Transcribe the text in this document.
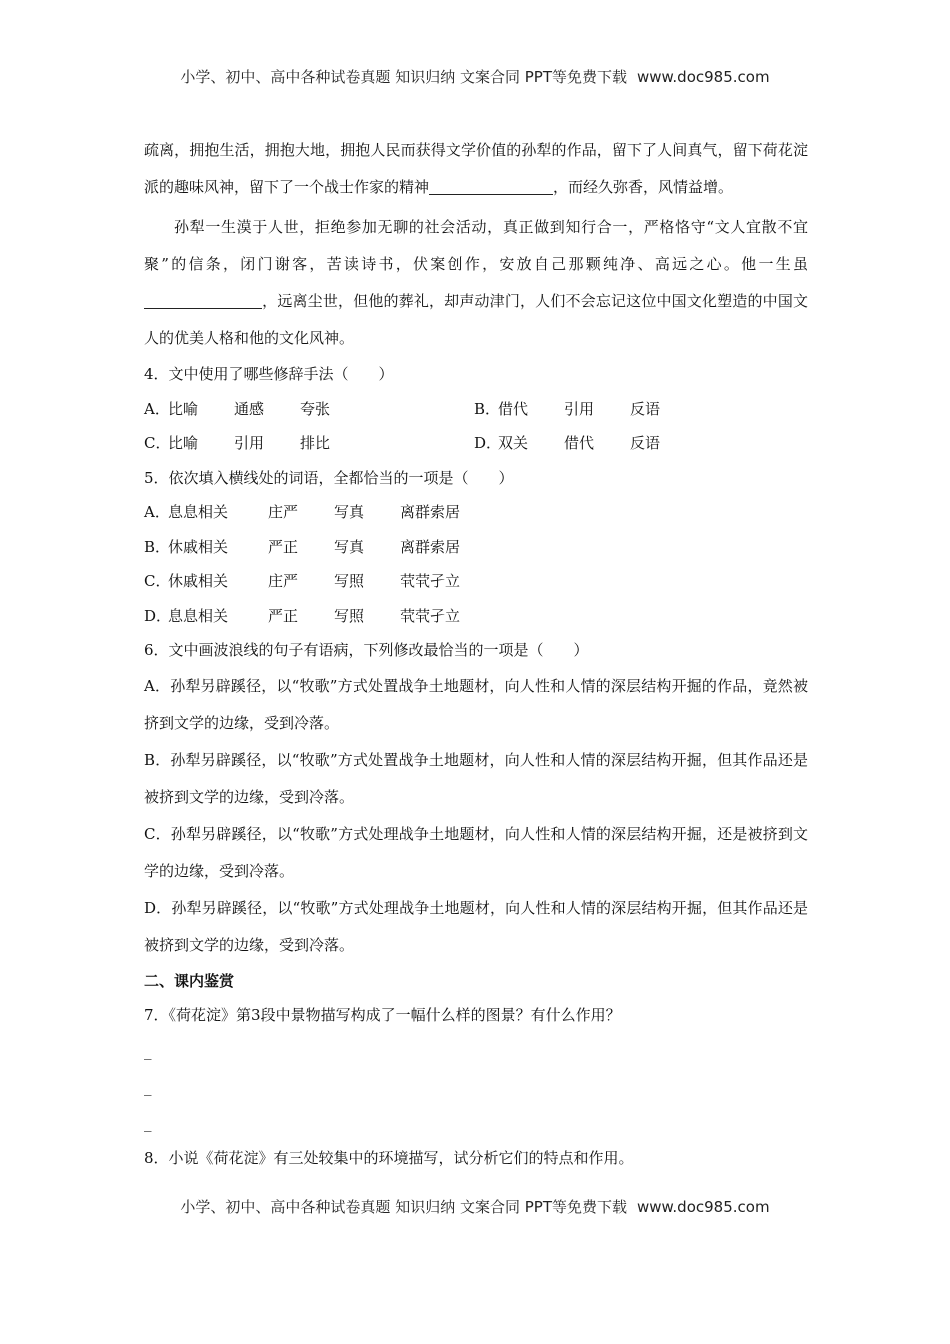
小学、初中、高中各种试卷真题 知识归纳 文案合同 PPT等免费下载 www.doc985.com

疏离，拥抱生活，拥抱大地，拥抱人民而获得文学价值的孙犁的作品，留下了人间真气，留下荷花淀派的趣味风神，留下了一个战士作家的精神	，而经久弥香，风情益增。

孙犁一生漠于人世，拒绝参加无聊的社会活动，真正做到知行合一，严格恪守“文人宜散不宜聚”的信条，闭门谢客，苦读诗书，伏案创作，安放自己那颗纯净、高远之心。他一生虽，远离尘世，但他的葬礼，却声动津门，人们不会忘记这位中国文化塑造的中国文人的优美人格和他的文化风神。

4．文中使用了哪些修辞手法（　　）

A．比喻 通感 夸张	B．借代 引用 反语
C．比喻 引用 排比	D．双关 借代 反语

5．依次填入横线处的词语，全都恰当的一项是（　　）

A．息息相关	庄严 写真 离群索居
B．休戚相关	严正 写真 离群索居
C．休戚相关	庄严 写照 茕茕孑立
D．息息相关	严正 写照 茕茕孑立

6．文中画波浪线的句子有语病，下列修改最恰当的一项是（　　）

A．孙犁另辟蹊径，以“牧歌”方式处置战争土地题材，向人性和人情的深层结构开掘的作品，竟然被挤到文学的边缘，受到冷落。

B．孙犁另辟蹊径，以“牧歌”方式处置战争土地题材，向人性和人情的深层结构开掘，但其作品还是被挤到文学的边缘，受到冷落。

C．孙犁另辟蹊径，以“牧歌”方式处理战争土地题材，向人性和人情的深层结构开掘，还是被挤到文学的边缘，受到冷落。

D．孙犁另辟蹊径，以“牧歌”方式处理战争土地题材，向人性和人情的深层结构开掘，但其作品还是被挤到文学的边缘，受到冷落。

二、课内鉴赏

7．《荷花淀》第3段中景物描写构成了一幅什么样的图景？有什么作用？

_

_

_

8．小说《荷花淀》有三处较集中的环境描写，试分析它们的特点和作用。

小学、初中、高中各种试卷真题 知识归纳 文案合同 PPT等免费下载 www.doc985.com
